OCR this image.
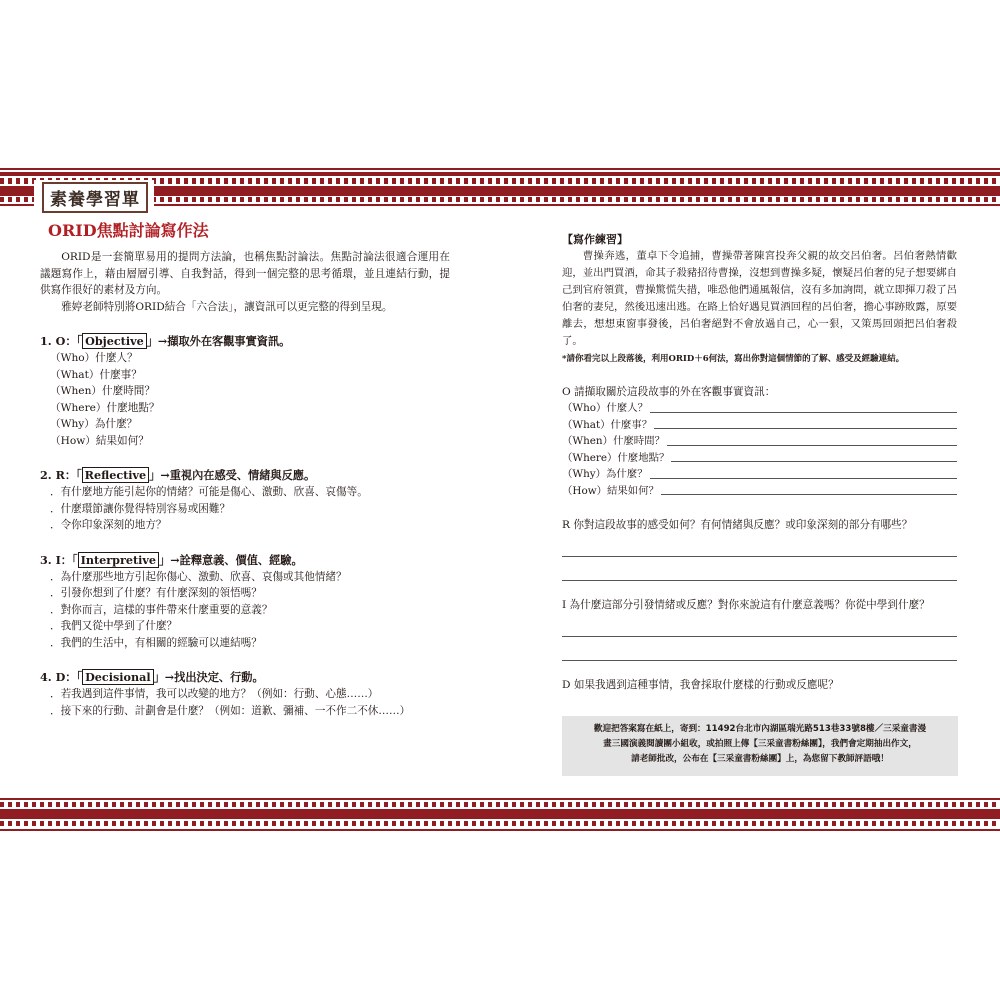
素養學習單
ORID焦點討論寫作法

ORID是一套簡單易用的提問方法論，也稱焦點討論法。焦點討論法很適合運用在議題寫作上，藉由層層引導、自我對話，得到一個完整的思考循環，並且連結行動，提供寫作很好的素材及方向。

雅婷老師特別將ORID結合「六合法」，讓資訊可以更完整的得到呈現。

1. O：「 Objective 」→擷取外在客觀事實資訊。

（Who）什麼人？

（What）什麼事？

（When）什麼時間？

（Where）什麼地點？

（Why）為什麼？

（How）結果如何？

2. R：「 Reflective 」→重視內在感受、情緒與反應。

．有什麼地方能引起你的情緒？可能是傷心、激動、欣喜、哀傷等。

．什麼環節讓你覺得特別容易或困難？

．令你印象深刻的地方？

3. I：「 Interpretive 」→詮釋意義、價值、經驗。

．為什麼那些地方引起你傷心、激動、欣喜、哀傷或其他情緒？

．引發你想到了什麼？有什麼深刻的領悟嗎？

．對你而言，這樣的事件帶來什麼重要的意義？

．我們又從中學到了什麼？

．我們的生活中，有相關的經驗可以連結嗎？

4. D：「 Decisional 」→找出決定、行動。

．若我遇到這件事情，我可以改變的地方？（例如：行動、心態……）

．接下來的行動、計劃會是什麼？（例如：道歉、彌補、一不作二不休……）

【寫作練習】

曹操奔逃，董卓下令追捕，曹操帶著陳宮投奔父親的故交呂伯奢。呂伯奢熱情歡迎，並出門買酒，命其子殺豬招待曹操，沒想到曹操多疑，懷疑呂伯奢的兒子想要綁自己到官府領賞，曹操驚慌失措，唯恐他們通風報信，沒有多加詢問，就立即揮刀殺了呂伯奢的妻兒，然後迅速出逃。在路上恰好遇見買酒回程的呂伯奢，擔心事跡敗露，原要離去，想想東窗事發後，呂伯奢絕對不會放過自己，心一狠，又策馬回頭把呂伯奢殺了。

*請你看完以上段落後，利用ORID＋6何法，寫出你對這個情節的了解、感受及經驗連結。

O 請擷取關於這段故事的外在客觀事實資訊：

（Who）什麼人？
（What）什麼事？
（When）什麼時間？
（Where）什麼地點？
（Why）為什麼？
（How）結果如何？

R 你對這段故事的感受如何？有何情緒與反應？或印象深刻的部分有哪些？

I 為什麼這部分引發情緒或反應？對你來說這有什麼意義嗎？你從中學到什麼？

D 如果我遇到這種事情，我會採取什麼樣的行動或反應呢？

歡迎把答案寫在紙上，寄到：11492台北市內湖區瑞光路513巷33號8樓／三采童書漫
畫三國演義閱讀團小組收，或拍照上傳【三采童書粉絲團】，我們會定期抽出作文，
請老師批改，公布在【三采童書粉絲團】上，為您留下教師評語哦！
